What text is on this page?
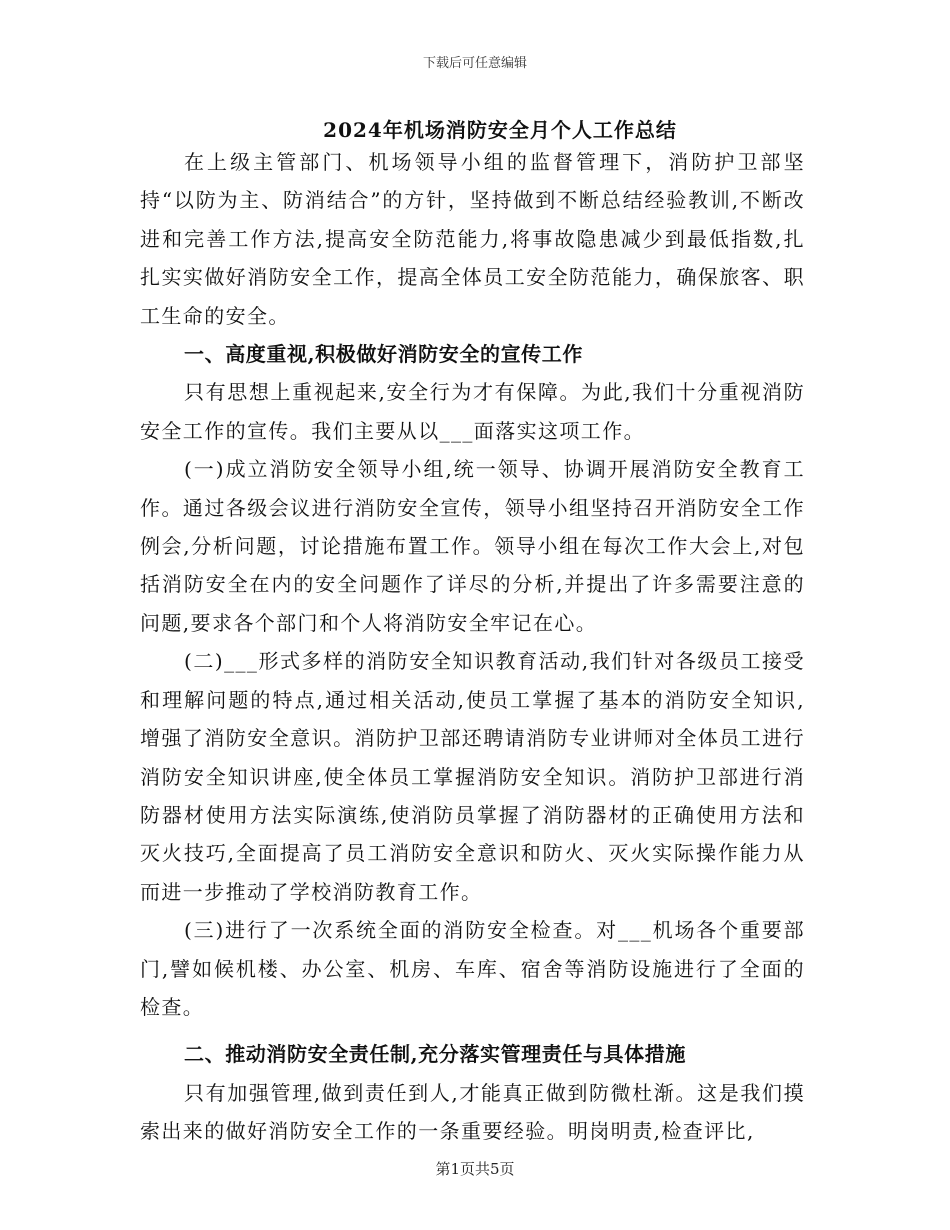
下载后可任意编辑
2024年机场消防安全月个人工作总结

在上级主管部门、机场领导小组的监督管理下，消防护卫部坚持“以防为主、防消结合”的方针，坚持做到不断总结经验教训,不断改进和完善工作方法,提高安全防范能力,将事故隐患减少到最低指数,扎扎实实做好消防安全工作，提高全体员工安全防范能力，确保旅客、职工生命的安全。

一、高度重视,积极做好消防安全的宣传工作

只有思想上重视起来,安全行为才有保障。为此,我们十分重视消防安全工作的宣传。我们主要从以___面落实这项工作。

(一)成立消防安全领导小组,统一领导、协调开展消防安全教育工作。通过各级会议进行消防安全宣传，领导小组坚持召开消防安全工作例会,分析问题，讨论措施布置工作。领导小组在每次工作大会上,对包括消防安全在内的安全问题作了详尽的分析,并提出了许多需要注意的问题,要求各个部门和个人将消防安全牢记在心。

(二)___形式多样的消防安全知识教育活动,我们针对各级员工接受和理解问题的特点,通过相关活动,使员工掌握了基本的消防安全知识,增强了消防安全意识。消防护卫部还聘请消防专业讲师对全体员工进行消防安全知识讲座,使全体员工掌握消防安全知识。消防护卫部进行消防器材使用方法实际演练,使消防员掌握了消防器材的正确使用方法和灭火技巧,全面提高了员工消防安全意识和防火、灭火实际操作能力从而进一步推动了学校消防教育工作。

(三)进行了一次系统全面的消防安全检查。对___机场各个重要部门,譬如候机楼、办公室、机房、车库、宿舍等消防设施进行了全面的检查。

二、推动消防安全责任制,充分落实管理责任与具体措施

只有加强管理,做到责任到人,才能真正做到防微杜渐。这是我们摸索出来的做好消防安全工作的一条重要经验。明岗明责,检查评比,

第1页共5页
